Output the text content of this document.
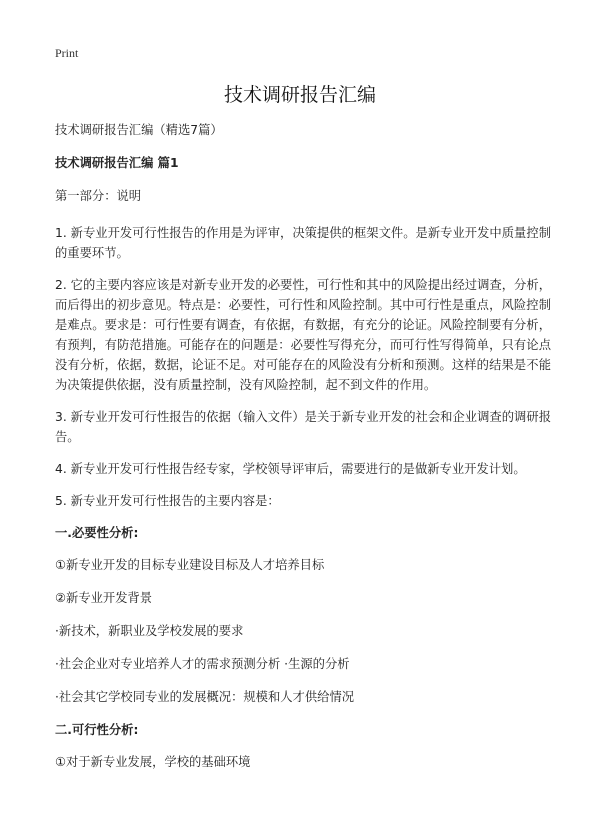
Print
技术调研报告汇编

技术调研报告汇编（精选7篇）

技术调研报告汇编 篇1

第一部分：说明

1. 新专业开发可行性报告的作用是为评审，决策提供的框架文件。是新专业开发中质量控制的重要环节。

2. 它的主要内容应该是对新专业开发的必要性，可行性和其中的风险提出经过调查，分析，而后得出的初步意见。特点是：必要性，可行性和风险控制。其中可行性是重点，风险控制是难点。要求是：可行性要有调查，有依据，有数据，有充分的论证。风险控制要有分析，有预判，有防范措施。可能存在的问题是：必要性写得充分，而可行性写得简单，只有论点没有分析，依据，数据，论证不足。对可能存在的风险没有分析和预测。这样的结果是不能为决策提供依据，没有质量控制，没有风险控制，起不到文件的作用。

3. 新专业开发可行性报告的依据（输入文件）是关于新专业开发的社会和企业调查的调研报告。

4. 新专业开发可行性报告经专家，学校领导评审后，需要进行的是做新专业开发计划。

5. 新专业开发可行性报告的主要内容是：

一.必要性分析:

①新专业开发的目标专业建设目标及人才培养目标

②新专业开发背景

·新技术，新职业及学校发展的要求

·社会企业对专业培养人才的需求预测分析 ·生源的分析

·社会其它学校同专业的发展概况：规模和人才供给情况

二.可行性分析:

①对于新专业发展，学校的基础环境
